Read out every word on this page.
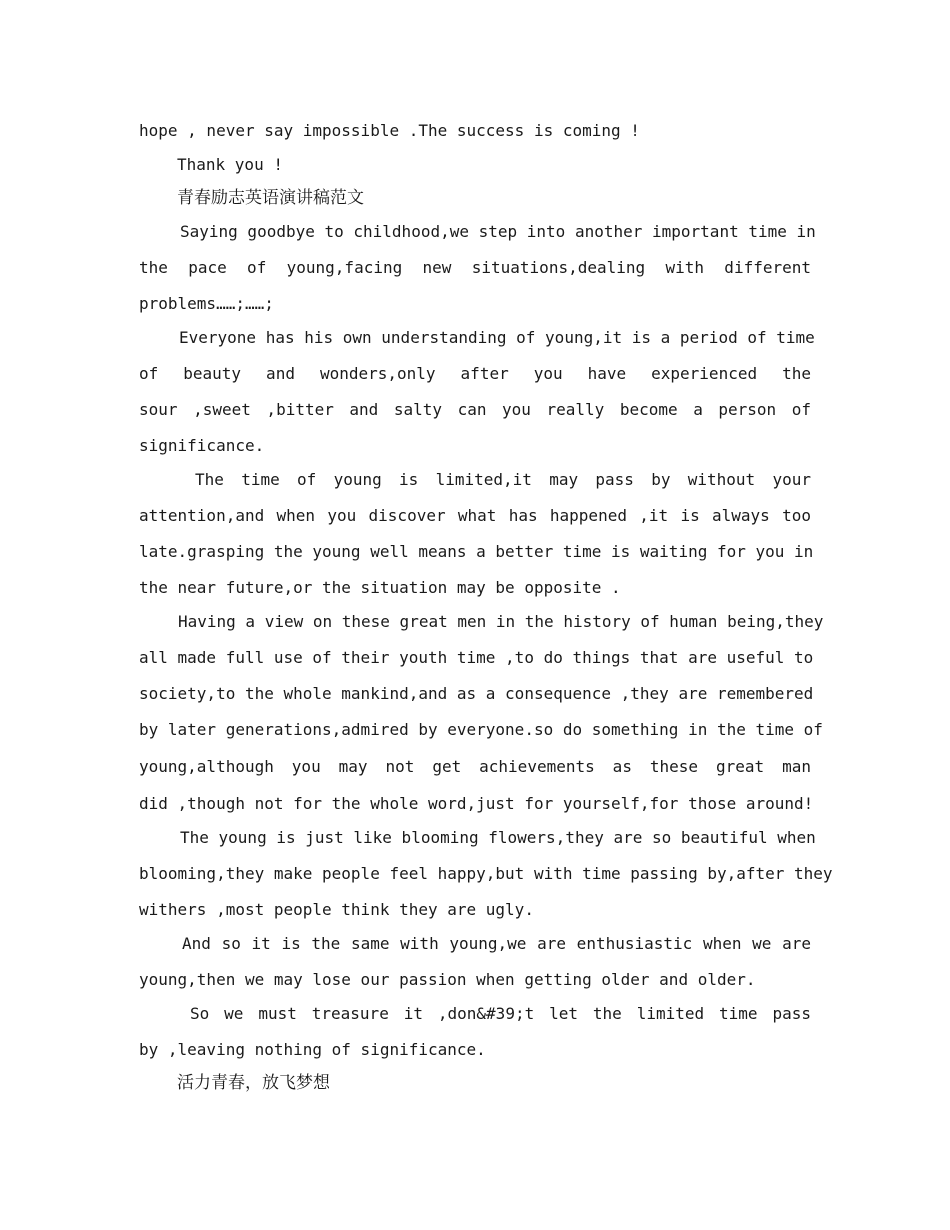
hope , never say impossible .The success is coming !
Thank you !
青春励志英语演讲稿范文
Saying goodbye to childhood,we step into another important time in
the pace of young,facing new situations,dealing with different
problems……;……;
Everyone has his own understanding of young,it is a period of time
of beauty and wonders,only after you have experienced the
sour ,sweet ,bitter and salty can you really become a person of
significance.
The time of young is limited,it may pass by without your
attention,and when you discover what has happened ,it is always too
late.grasping the young well means a better time is waiting for you in
the near future,or the situation may be opposite .
Having a view on these great men in the history of human being,they
all made full use of their youth time ,to do things that are useful to
society,to the whole mankind,and as a consequence ,they are remembered
by later generations,admired by everyone.so do something in the time of
young,although you may not get achievements as these great man
did ,though not for the whole word,just for yourself,for those around!
The young is just like blooming flowers,they are so beautiful when
blooming,they make people feel happy,but with time passing by,after they
withers ,most people think they are ugly.
And so it is the same with young,we are enthusiastic when we are
young,then we may lose our passion when getting older and older.
So we must treasure it ,don&#39;t let the limited time pass
by ,leaving nothing of significance.
活力青春，放飞梦想
